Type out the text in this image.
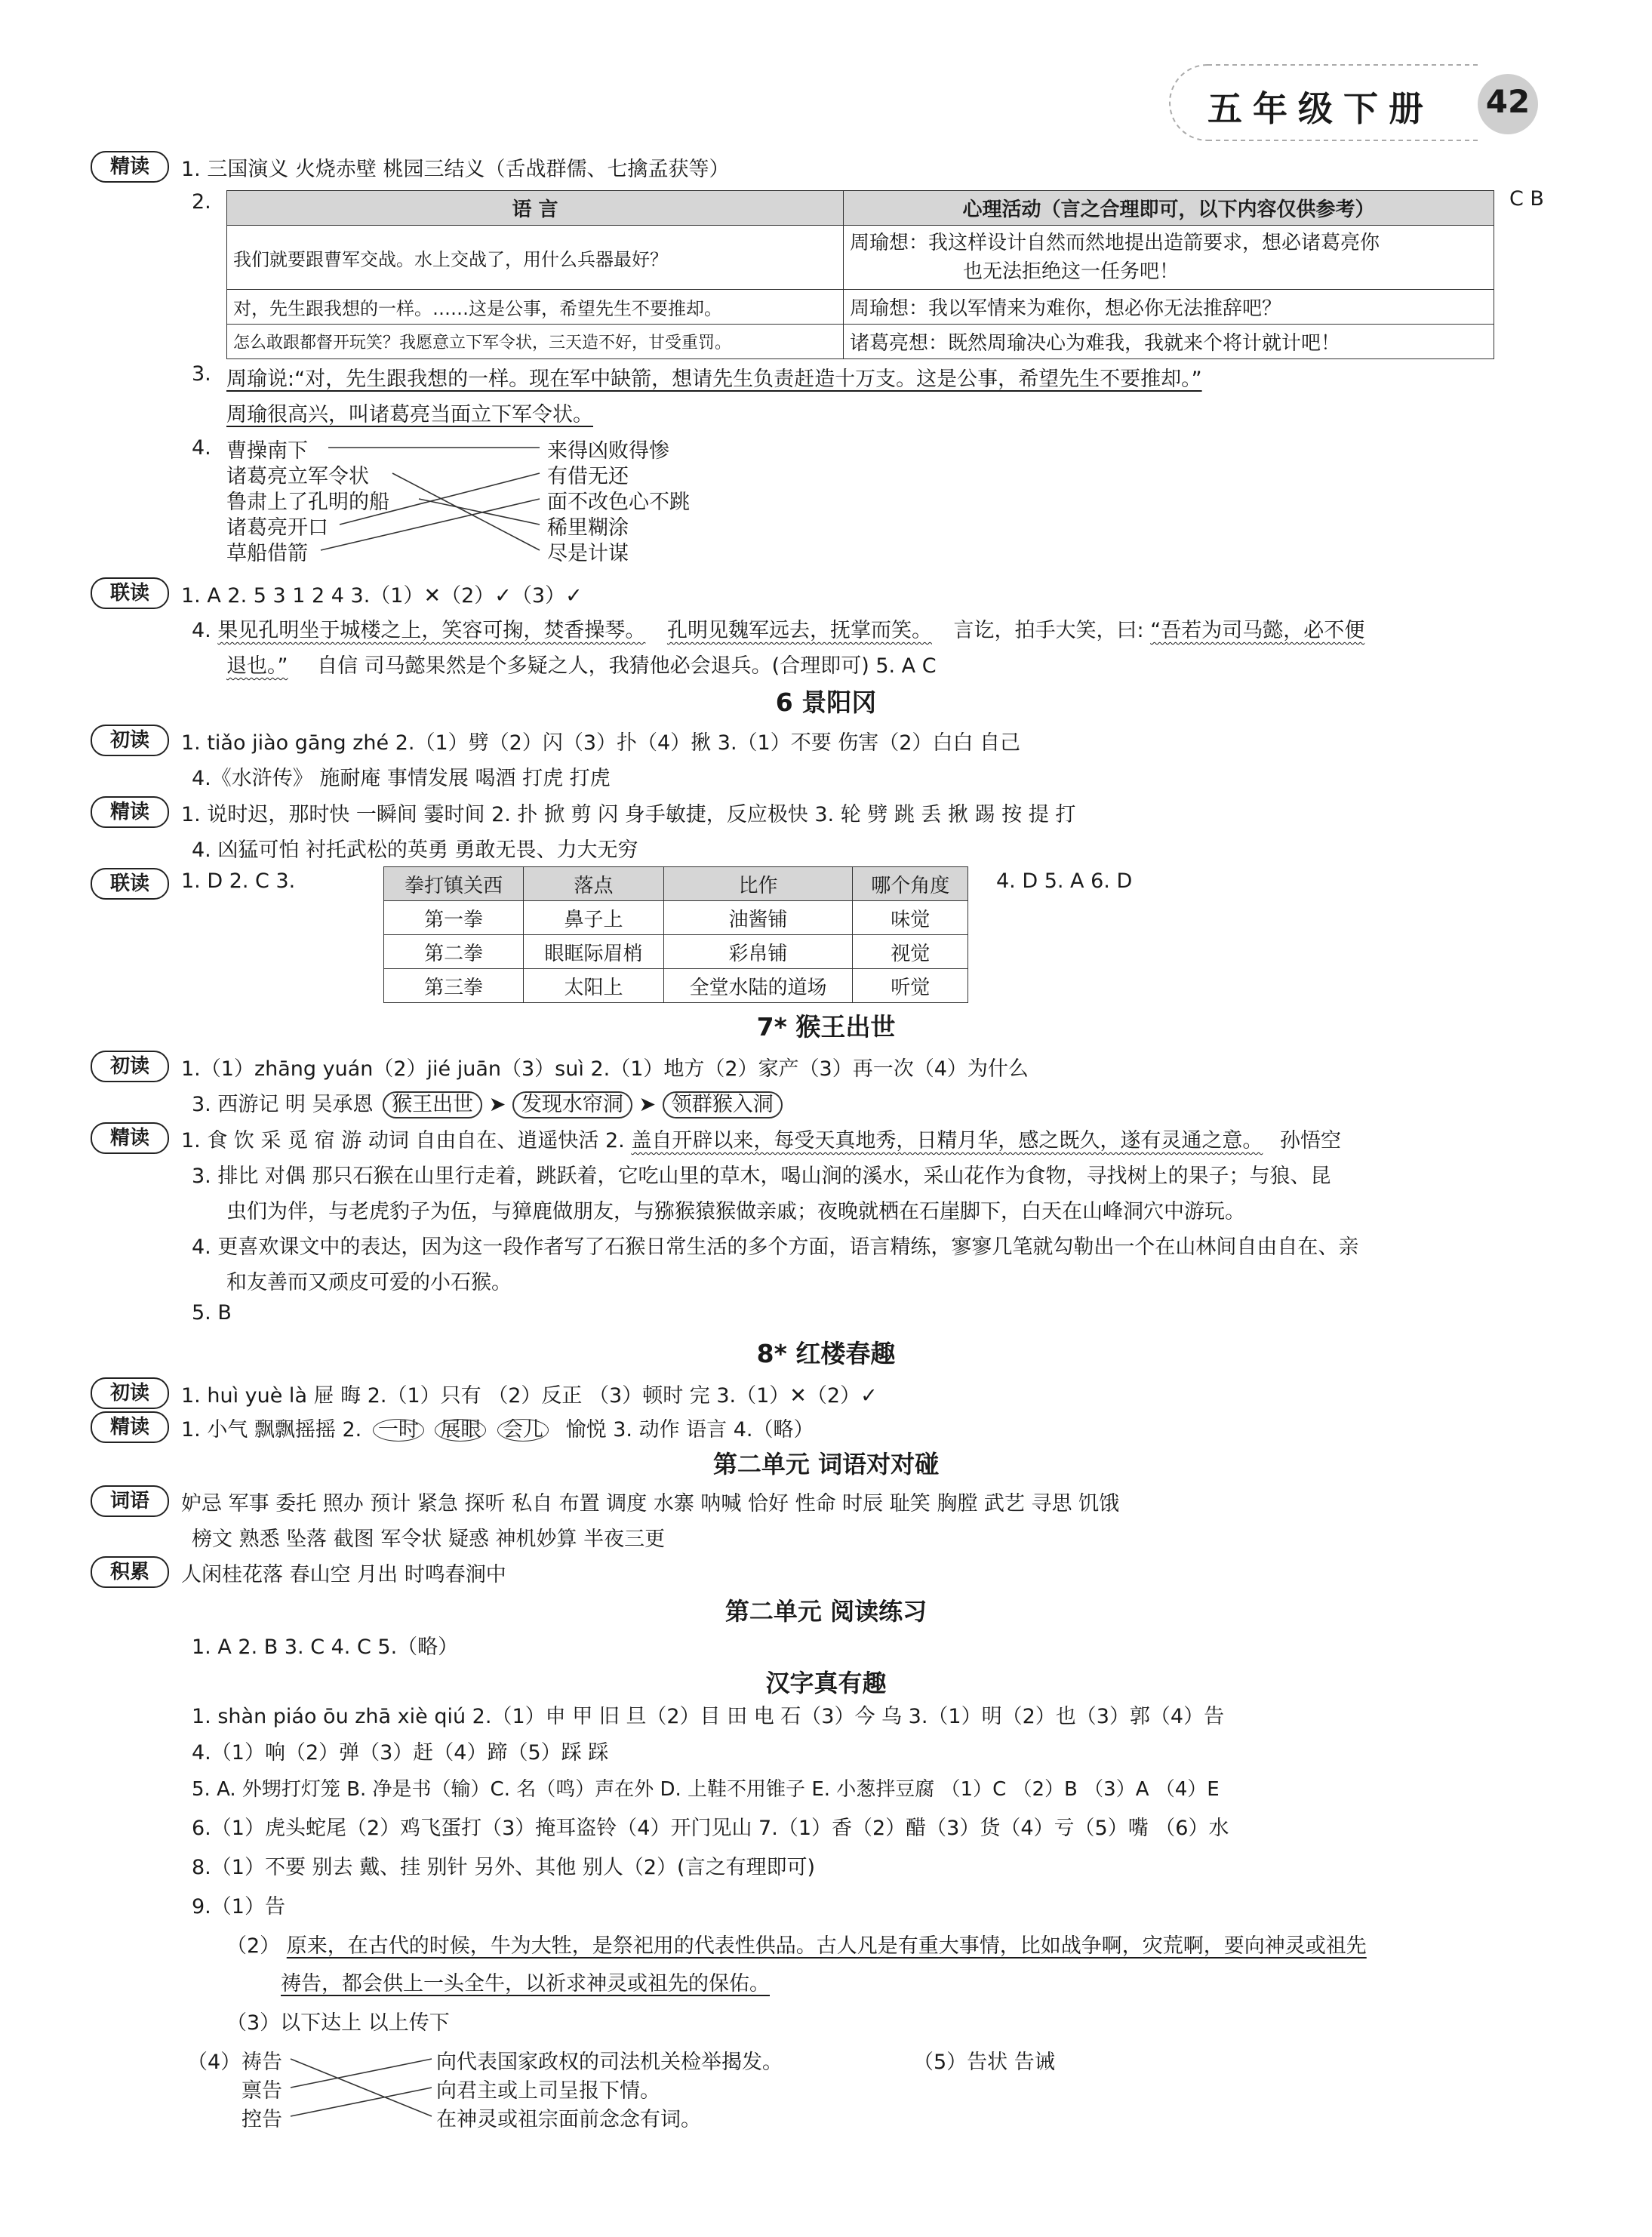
五年级下册 42
精读	1. 三国演义 火烧赤壁 桃园三结义（舌战群儒、七擒孟获等）
2.	语 言	心理活动（言之合理即可，以下内容仅供参考）
我们就要跟曹军交战。水上交战了，用什么兵器最好？	周瑜想：我这样设计自然而然地提出造箭要求，想必诸葛亮你
也无法拒绝这一任务吧！

对，先生跟我想的一样。……这是公事，希望先生不要推却。	周瑜想：我以军情来为难你，想必你无法推辞吧？
怎么敢跟都督开玩笑？我愿意立下军令状，三天造不好，甘受重罚。	诸葛亮想：既然周瑜决心为难我，我就来个将计就计吧！
C B
3. 周瑜说:“对，先生跟我想的一样。现在军中缺箭，想请先生负责赶造十万支。这是公事，希望先生不要推却。”
周瑜很高兴，叫诸葛亮当面立下军令状。
4. 曹操南下
诸葛亮立军令状
鲁肃上了孔明的船
诸葛亮开口
草船借箭
来得凶败得惨
有借无还
面不改色心不跳
稀里糊涂
尽是计谋
联读	1. A 2. 5 3 1 2 4 3.（1）✕（2）✓（3）✓
4. 果见孔明坐于城楼之上，笑容可掬，焚香操琴。 孔明见魏军远去，抚掌而笑。 言讫，拍手大笑，曰: “吾若为司马懿，必不便
退也。” 自信 司马懿果然是个多疑之人，我猜他必会退兵。(合理即可) 5. A C
6 景阳冈
初读	1. tiǎo jiào gāng zhé 2.（1）劈（2）闪（3）扑（4）揪 3.（1）不要 伤害（2）白白 自己
4.《水浒传》 施耐庵 事情发展 喝酒 打虎 打虎
精读	1. 说时迟，那时快 一瞬间 霎时间 2. 扑 掀 剪 闪 身手敏捷，反应极快 3. 轮 劈 跳 丢 揪 踢 按 提 打
4. 凶猛可怕 衬托武松的英勇 勇敢无畏、力大无穷
联读	1. D 2. C 3.	拳打镇关西	落点	比作	哪个角度
第一拳	鼻子上	油酱铺	味觉
第二拳	眼眶际眉梢	彩帛铺	视觉
第三拳	太阳上	全堂水陆的道场	听觉
4. D 5. A 6. D
7* 猴王出世
初读	1.（1）zhāng yuán（2）jié juān（3）suì 2.（1）地方（2）家产（3）再一次（4）为什么
3. 西游记 明 吴承恩 猴王出世 ➤ 发现水帘洞 ➤ 领群猴入洞
精读	1. 食 饮 采 觅 宿 游 动词 自由自在、逍遥快活 2. 盖自开辟以来，每受天真地秀，日精月华，感之既久，遂有灵通之意。 孙悟空
3. 排比 对偶 那只石猴在山里行走着，跳跃着，它吃山里的草木，喝山涧的溪水，采山花作为食物，寻找树上的果子；与狼、昆
虫们为伴，与老虎豹子为伍，与獐鹿做朋友，与猕猴猿猴做亲戚；夜晚就栖在石崖脚下，白天在山峰洞穴中游玩。
4. 更喜欢课文中的表达，因为这一段作者写了石猴日常生活的多个方面，语言精练，寥寥几笔就勾勒出一个在山林间自由自在、亲
和友善而又顽皮可爱的小石猴。
5. B
8* 红楼春趣
初读	1. huì yuè là 屉 晦 2.（1）只有 （2）反正 （3）顿时 完 3.（1）✕（2）✓
精读	1. 小气 飘飘摇摇 2. 一时 展眼 会儿 愉悦 3. 动作 语言 4.（略）
第二单元 词语对对碰
词语	妒忌 军事 委托 照办 预计 紧急 探听 私自 布置 调度 水寨 呐喊 恰好 性命 时辰 耻笑 胸膛 武艺 寻思 饥饿
榜文 熟悉 坠落 截图 军令状 疑惑 神机妙算 半夜三更
积累	人闲桂花落 春山空 月出 时鸣春涧中
第二单元 阅读练习
1. A 2. B 3. C 4. C 5.（略）
汉字真有趣
1. shàn piáo ōu zhā xiè qiú 2.（1）申 甲 旧 旦（2）目 田 电 石（3）今 乌 3.（1）明（2）也（3）郭（4）告
4.（1）响（2）弹（3）赶（4）蹄（5）踩 踩
5. A. 外甥打灯笼 B. 净是书（输）C. 名（鸣）声在外 D. 上鞋不用锥子 E. 小葱拌豆腐 （1）C （2）B （3）A （4）E
6.（1）虎头蛇尾（2）鸡飞蛋打（3）掩耳盗铃（4）开门见山 7.（1）香（2）醋（3）货（4）亏（5）嘴 （6）水
8.（1）不要 别去 戴、挂 别针 另外、其他 别人（2）(言之有理即可)
9.（1）告
（2） 原来，在古代的时候，牛为大牲，是祭祀用的代表性供品。古人凡是有重大事情，比如战争啊，灾荒啊，要向神灵或祖先
祷告，都会供上一头全牛，以祈求神灵或祖先的保佑。
（3）以下达上 以上传下
（4） 祷告
禀告
控告
向代表国家政权的司法机关检举揭发。
向君主或上司呈报下情。
在神灵或祖宗面前念念有词。
（5）告状 告诫
